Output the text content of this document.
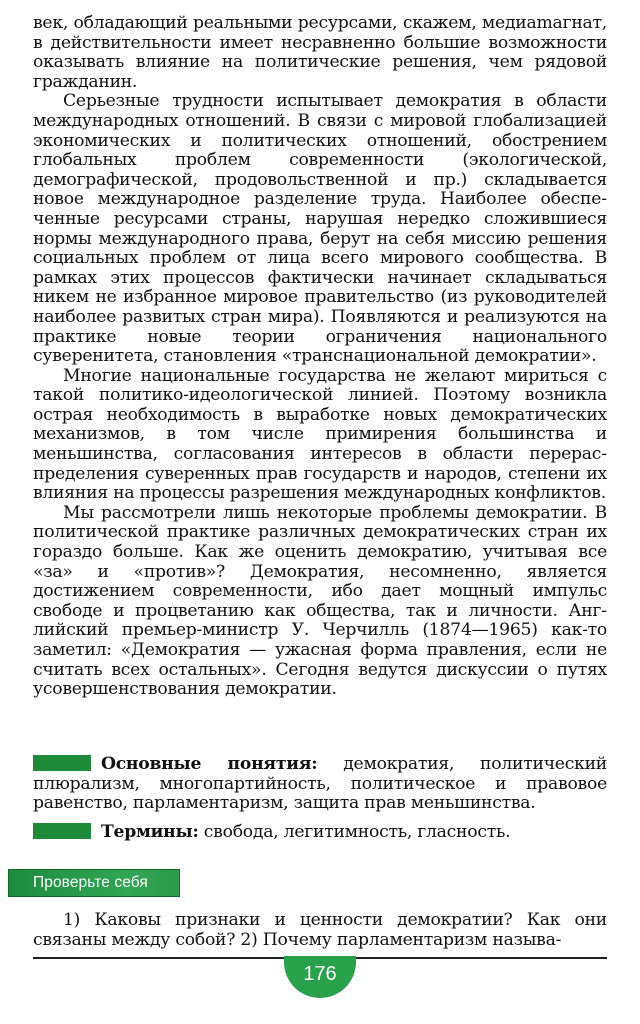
век, обладающий реальными ресурсами, скажем, медиаmагнат, в действительности имеет несравненно большие возможности оказывать влияние на политические решения, чем рядовой гражданин.

Серьезные трудности испытывает демократия в области международных отношений. В связи с мировой глобализацией экономических и политических отношений, обострением глобальных проблем современности (экологической, демографической, продовольственной и пр.) складывается новое международное разделение труда. Наиболее обеспеченные ресурсами страны, нарушая нередко сложившиеся нормы международного права, берут на себя миссию решения социальных проблем от лица всего мирового сообщества. В рамках этих процессов фактически начинает складываться никем не избранное мировое правительство (из руководителей наиболее развитых стран мира). Появляются и реализуются на практике новые теории ограничения национального суверенитета, становления «транснациональной демократии».

Многие национальные государства не желают мириться с такой политико-идеологической линией. Поэтому возникла острая необходимость в выработке новых демократических механизмов, в том числе примирения большинства и меньшинства, согласования интересов в области перераспределения суверенных прав государств и народов, степени их влияния на процессы разрешения международных конфликтов.

Мы рассмотрели лишь некоторые проблемы демократии. В политической практике различных демократических стран их гораздо больше. Как же оценить демократию, учитывая все «за» и «против»? Демократия, несомненно, является достижением современности, ибо дает мощный импульс свободе и процветанию как общества, так и личности. Английский премьер-министр У. Черчилль (1874—1965) как-то заметил: «Демократия — ужасная форма правления, если не считать всех остальных». Сегодня ведутся дискуссии о путях усовершенствования демократии.

Основные понятия: демократия, политический плюрализм, многопартийность, политическое и правовое равенство, парламентаризм, защита прав меньшинства.
Термины: свобода, легитимность, гласность.
Проверьте себя

1) Каковы признаки и ценности демократии? Как они связаны между собой? 2) Почему парламентаризм называ-

176
